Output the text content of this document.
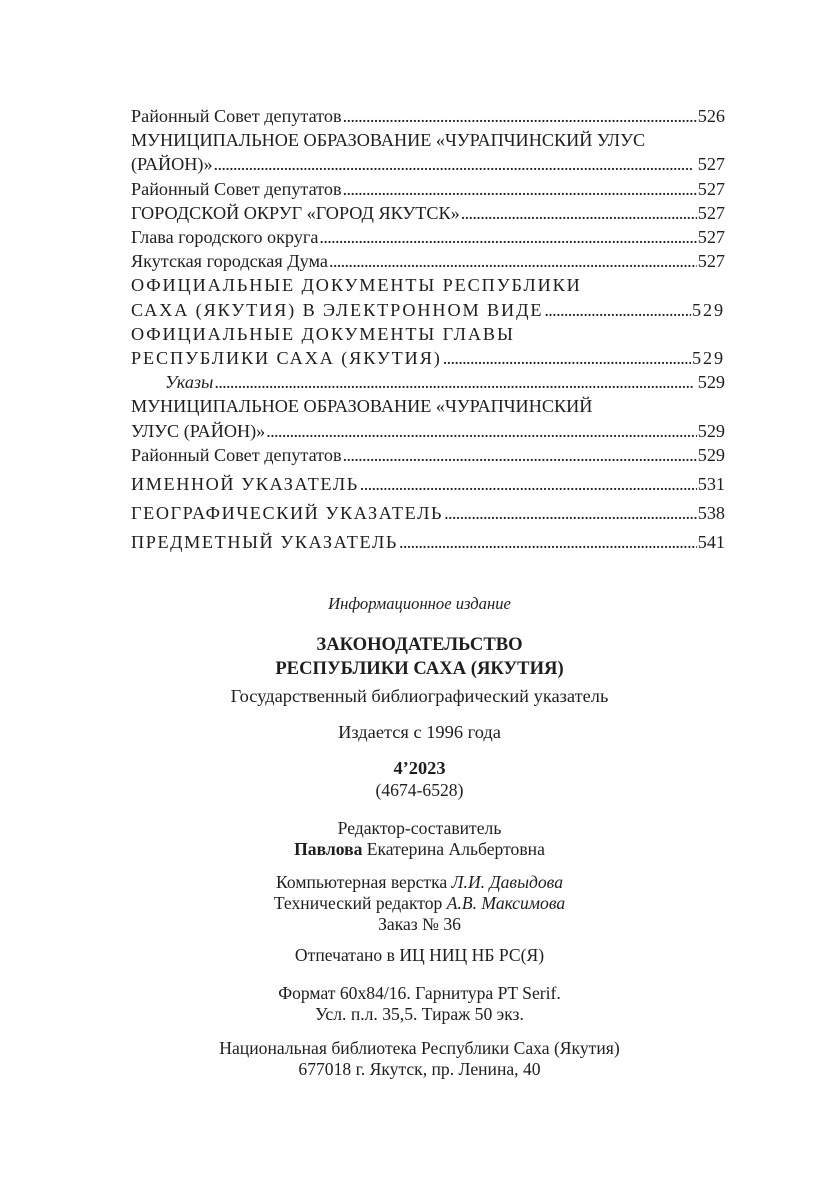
Районный Совет депутатов . . .	526
МУНИЦИПАЛЬНОЕ ОБРАЗОВАНИЕ «ЧУРАПЧИНСКИЙ УЛУС
(РАЙОН)» . . .	527
Районный Совет депутатов . . .	527
ГОРОДСКОЙ ОКРУГ «ГОРОД ЯКУТСК» . . .	527
Глава городского округа . . .	527
Якутская городская Дума . . .	527
ОФИЦИАЛЬНЫЕ ДОКУМЕНТЫ РЕСПУБЛИКИ
САХА (ЯКУТИЯ) В ЭЛЕКТРОННОМ ВИДЕ . . .	529
ОФИЦИАЛЬНЫЕ ДОКУМЕНТЫ ГЛАВЫ
РЕСПУБЛИКИ САХА (ЯКУТИЯ) . . .	529
Указы . . .	529
МУНИЦИПАЛЬНОЕ ОБРАЗОВАНИЕ «ЧУРАПЧИНСКИЙ
УЛУС (РАЙОН)» . . .	529
Районный Совет депутатов . . .	529
ИМЕННОЙ УКАЗАТЕЛЬ . . .	531
ГЕОГРАФИЧЕСКИЙ УКАЗАТЕЛЬ . . .	538
ПРЕДМЕТНЫЙ УКАЗАТЕЛЬ . . .	541
Информационное издание
ЗАКОНОДАТЕЛЬСТВО
РЕСПУБЛИКИ САХА (ЯКУТИЯ)
Государственный библиографический указатель
Издается с 1996 года
4’2023
(4674-6528)
Редактор-составитель
Павлова Екатерина Альбертовна
Компьютерная верстка Л.И. Давыдова
Технический редактор А.В. Максимова
Заказ № 36
Отпечатано в ИЦ НИЦ НБ РС(Я)
Формат 60х84/16. Гарнитура PT Serif.
Усл. п.л. 35,5. Тираж 50 экз.
Национальная библиотека Республики Саха (Якутия)
677018 г. Якутск, пр. Ленина, 40
